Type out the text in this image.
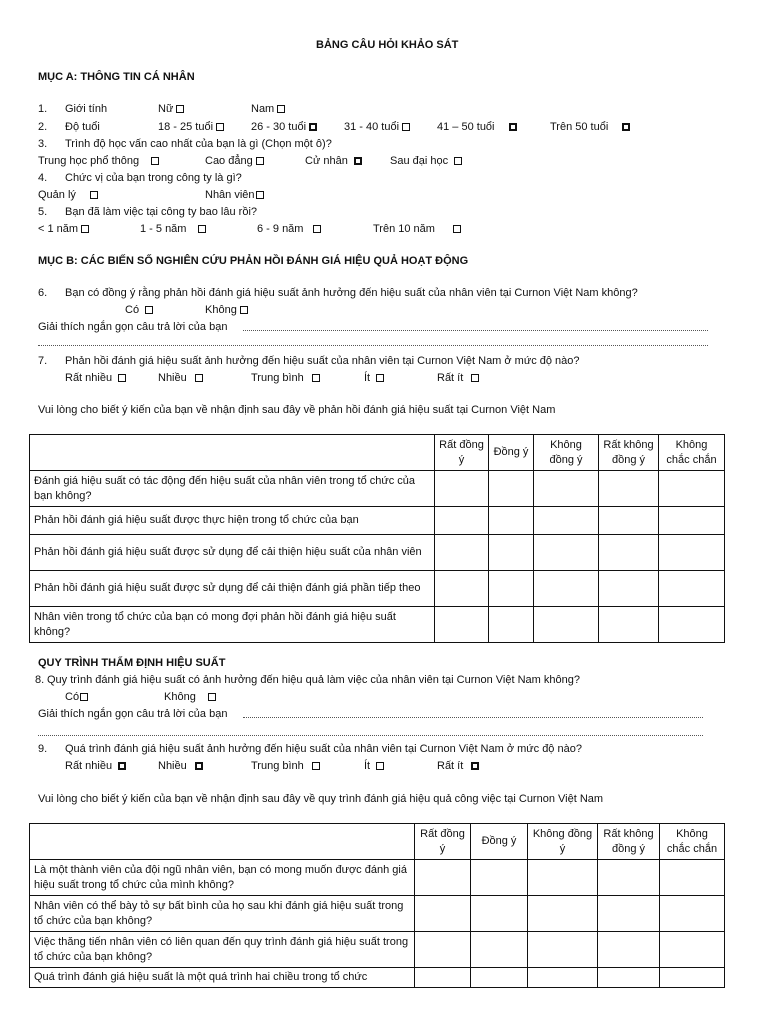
BẢNG CÂU HỎI KHẢO SÁT
MỤC A: THÔNG TIN CÁ NHÂN
1. Giới tính	Nữ	Nam
2. Độ tuổi	18 - 25 tuổi	26 - 30 tuổi	31 - 40 tuổi	41 – 50 tuổi	Trên 50 tuổi
3. Trình độ học vấn cao nhất của bạn là gì (Chọn một ô)?
Trung học phổ thông	Cao đẳng	Cử nhân	Sau đại học
4. Chức vị của bạn trong công ty là gì?
Quản lý	Nhân viên
5. Bạn đã làm việc tại công ty bao lâu rồi?
< 1 năm	1 - 5 năm	6 - 9 năm	Trên 10 năm
MỤC B: CÁC BIẾN SỐ NGHIÊN CỨU PHẢN HỒI ĐÁNH GIÁ HIỆU QUẢ HOẠT ĐỘNG
6. Bạn có đồng ý rằng phản hồi đánh giá hiệu suất ảnh hưởng đến hiệu suất của nhân viên tại Curnon Việt Nam không?
Có	Không
Giải thích ngắn gọn câu trả lời của bạn
7. Phản hồi đánh giá hiệu suất ảnh hưởng đến hiệu suất của nhân viên tại Curnon Việt Nam ở mức độ nào?
Rất nhiều	Nhiều	Trung bình	Ít	Rất ít
Vui lòng cho biết ý kiến của bạn về nhận định sau đây về phản hồi đánh giá hiệu suất tại Curnon Việt Nam
	Rất đồng ý	Đồng ý	Không đồng ý	Rất không đồng ý	Không chắc chắn
Đánh giá hiệu suất có tác động đến hiệu suất của nhân viên trong tổ chức của bạn không?					
Phản hồi đánh giá hiệu suất được thực hiện trong tổ chức của bạn					
Phản hồi đánh giá hiệu suất được sử dụng để cải thiện hiệu suất của nhân viên					
Phản hồi đánh giá hiệu suất được sử dụng để cải thiện đánh giá phần tiếp theo					
Nhân viên trong tổ chức của bạn có mong đợi phản hồi đánh giá hiệu suất không?					
QUY TRÌNH THẨM ĐỊNH HIỆU SUẤT
8. Quy trình đánh giá hiệu suất có ảnh hưởng đến hiệu quả làm việc của nhân viên tại Curnon Việt Nam không?
Có	Không
Giải thích ngắn gọn câu trả lời của bạn
9. Quá trình đánh giá hiệu suất ảnh hưởng đến hiệu suất của nhân viên tại Curnon Việt Nam ở mức độ nào?
Rất nhiều	Nhiều	Trung bình	Ít	Rất ít
Vui lòng cho biết ý kiến của bạn về nhận định sau đây về quy trình đánh giá hiệu quả công việc tại Curnon Việt Nam
	Rất đồng ý	Đồng ý	Không đồng ý	Rất không đồng ý	Không chắc chắn
Là một thành viên của đội ngũ nhân viên, bạn có mong muốn được đánh giá hiệu suất trong tổ chức của mình không?					
Nhân viên có thể bày tỏ sự bất bình của họ sau khi đánh giá hiệu suất trong tổ chức của bạn không?					
Việc thăng tiến nhân viên có liên quan đến quy trình đánh giá hiệu suất trong tổ chức của bạn không?					
Quá trình đánh giá hiệu suất là một quá trình hai chiều trong tổ chức					
